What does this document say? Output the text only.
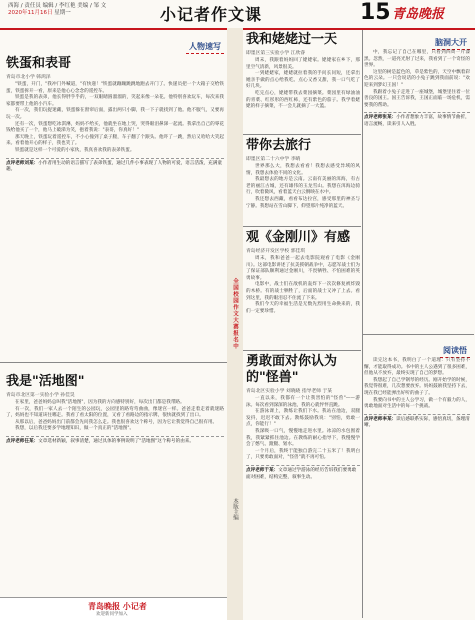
西海 / 责任员 编辑 / 李红艳 美编 / 邹 文
2020年11月16日 星期一	小记者作文课	15 青岛晚报
人物速写
铁蛋和表哥
青岛市北小学 韩鸿泽

"铁蛋，开门，"我冲门外喊道，"有快递！"铁蛋就蹦蹦跳跳地跑去开门了。快递员把一个大箱子交给铁蛋，铁蛋拆开一看，原来是他心心念念的遥控车。

铁蛋是我的表弟，他长得胖乎乎的，一双眼睛圆溜溜的，笑起来像一朵花。他特别喜欢玩车，每次来我家都要带上他的小汽车。

有一次，我们玩捉迷藏，铁蛋躲在窗帘后面，露出两只小脚，我一下子就找到了他。他不服气，又要再玩一次。

还有一次，铁蛋想吃冰淇淋，妈妈不给买，他就坐在地上哭，哭得眼泪鼻涕一起流。我拿出自己的零花钱给他买了一个，他马上破涕为笑，抱着我说："表哥，你真好！"

那天晚上，铁蛋玩着遥控车，不小心撞到了桌子腿，车子翻了个跟头。他吓了一跳，然后又哈哈大笑起来。看着他开心的样子，我也笑了。

铁蛋就是这样一个可爱的小家伙，我真喜欢我的表弟铁蛋。

点评老师刘某：小作者用生动的语言描写了表弟铁蛋，通过几件小事表现了人物的可爱，语言活泼，充满童趣。
我是"活地图"
青岛市北区第一实验小学 孙佳昊

在家里，爸爸妈妈总叫我"活地图"，因为我的方向感特别好，每次出门都是我带路。

有一次，我们一家人去一个陌生的公园玩，公园里的路弯弯曲曲，像迷宫一样。爸爸走着走着就迷路了，妈妈也不知道该往哪走。我看了看太阳的位置，又看了看路边的指示牌，很快就找到了出口。

从那以后，爸爸妈妈出门前都会先问我怎么走。我也很喜欢这个称号，因为它让我觉得自己很有用。

我想，以后我还要多学地理知识，做一个真正的"活地图"。

点评老师任某：文章选材新颖，叙事清楚，通过具体的事例说明了"活地图"这个称号的由来。
青岛晚报 小记者
欢迎新同学加入
全国校园作文大赛报名中
本版主编
我和姥姥过一天
即墨区第三实验小学 江欣睿

周末，我跟着妈妈回了姥姥家。姥姥家在乡下，那里空气清新，风景很美。

一到姥姥家，姥姥就拉着我的手问长问短，还拿出她亲手做的点心给我吃。点心又香又甜，我一口气吃了好几块。

吃完点心，姥姥带我去菜园摘菜。菜园里有绿油油的青菜、红彤彤的西红柿，还有紫色的茄子。我学着姥姥的样子摘菜，不一会儿就摘了一大篮。

带你去旅行
即墨区第二十六中学 李晴

世界那么大，我想去看看！我想去感受异域的风情，我想去体验不同的文化。

我最想去的地方是云南。云南有美丽的洱海，有古老的丽江古城，还有雄伟的玉龙雪山。我想在洱海边骑行，吹着微风，看着蓝天白云倒映在水中。

我还想去西藏，看看布达拉宫，感受那里的神圣与宁静。我想站在雪山脚下，仰望那片纯净的蓝天。

观《金刚川》有感
青岛经济开发区学校 郭佳琪

周末，我和爸爸一起去电影院观看了电影《金刚川》。这部电影讲述了抗美援朝战争中，志愿军战士们为了保证部队顺利通过金刚川，不畏牺牲、不怕困难的英勇故事。

电影中，战士们在敌机的轰炸下一次次修复被炸毁的木桥。有的战士牺牲了，后面的战士又冲了上去。看到这里，我的眼泪忍不住流了下来。

我们今天的幸福生活是无数先烈用生命换来的，我们一定要珍惜。

勇敢面对你认为的"怪兽"
青岛北区实验小学 刘晓晓 指导老师 于某

一直以来，我都有一个让我害怕的"怪兽"——游泳。每次看到深深的泳池，我的心就怦怦直跳。

在游泳课上，教练让我们下水。我站在池边，双腿发抖，迟迟不敢下去。教练鼓励我说："别怕，勇敢一点，你能行！"

我深吸一口气，慢慢地走进水里。冰凉的水包围着我，我紧紧抓住池边。在教练的耐心指导下，我慢慢学会了憋气、蹬腿、划水。

一个月后，我终于能独自游完二十五米了！我明白了，只要勇敢面对，"怪兽"就不再可怕。

点评老师于某：文章通过学游泳的经历告诉我们要勇敢面对困难，结构完整，叙事生动。
脑洞大开

中，我忘记了自己在哪里，只看到四周一片漆黑。忽然，一道亮光射了过来，我看到了一个奇怪的世界。

这里的树是蓝色的，草是紫色的，天空中飘着彩色的云朵。一只会说话的小兔子跳到我面前说："欢迎来到梦幻王国！"

我跟着小兔子走进了一座城堡，城堡里住着一位善良的国王。国王告诉我，王国正面临一场危机，需要我的帮助。

点评老师张某：小作者想象力丰富，故事情节曲折，语言流畅，读来引人入胜。
阅读悟

读完这本书，我明白了一个道理：只有坚持不懈，才能取得成功。书中的主人公遇到了很多困难，但他从不放弃，最终实现了自己的梦想。

我想起了自己学钢琴的经历。刚开始学的时候，我觉得很难，几次想要放弃。妈妈鼓励我坚持下去，现在我已经能弹出好听的曲子了。

我要向书中的主人公学习，做一个有毅力的人，勇敢地面对生活中的每一个挑战。

点评老师李某：读后感联系实际，感悟真切，条理清晰。
